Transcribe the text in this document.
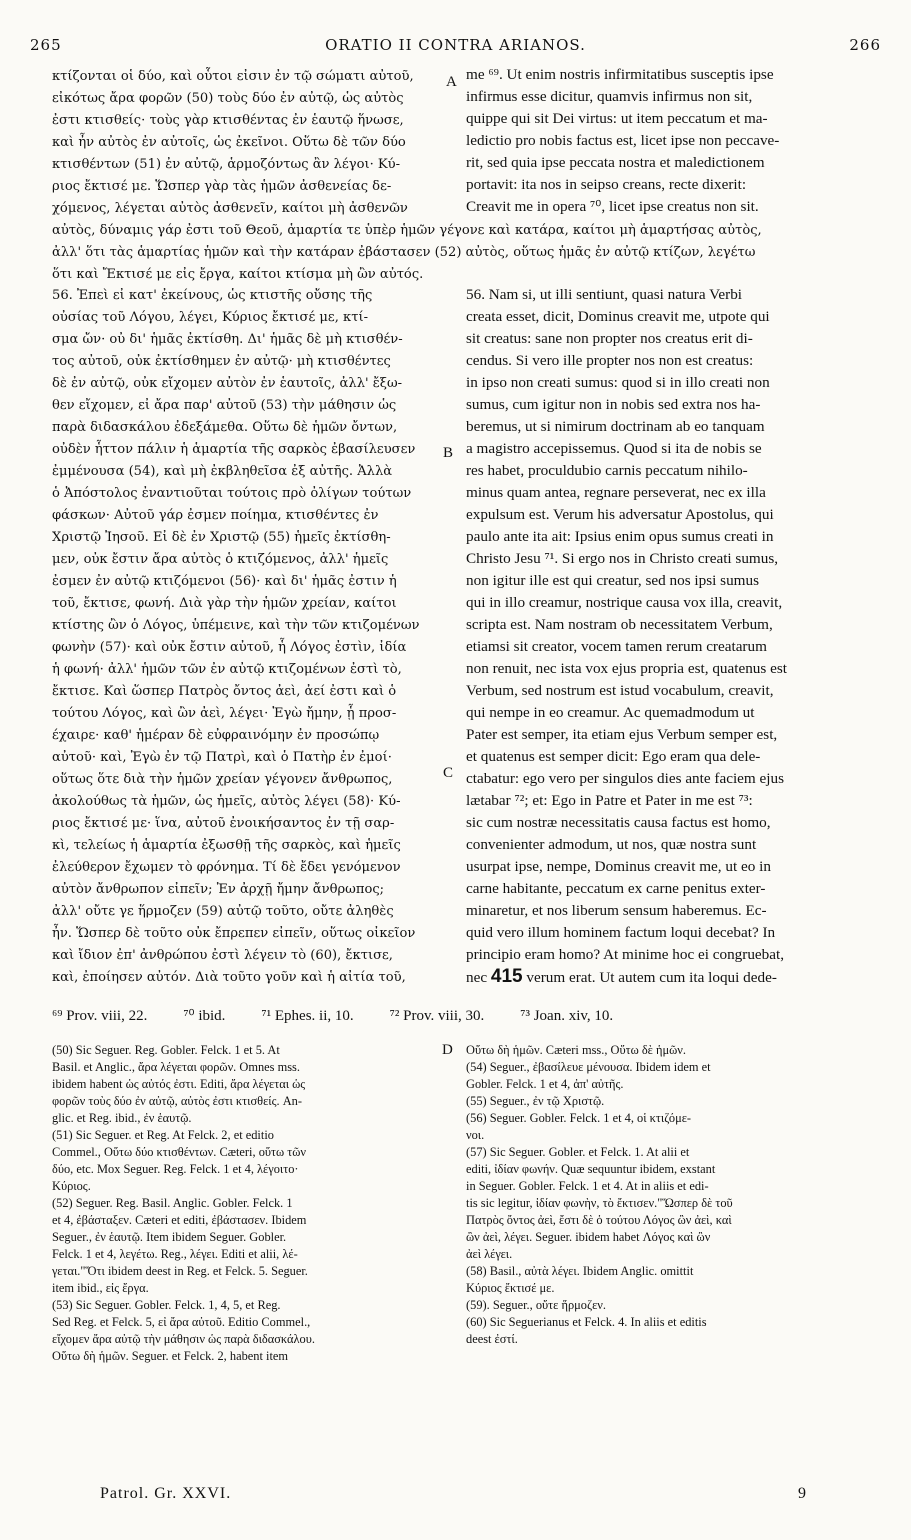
265	ORATIO II CONTRA ARIANOS.	266
κτίζονται οἱ δύο, καὶ οὗτοι εἰσιν ἐν τῷ σώματι αὐτοῦ,
εἰκότως ἄρα φορῶν (50) τοὺς δύο ἐν αὐτῷ, ὡς αὐτὸς
ἐστι κτισθείς· τοὺς γὰρ κτισθέντας ἐν ἑαυτῷ ἥνωσε,
καὶ ἦν αὐτὸς ἐν αὐτοῖς, ὡς ἐκεῖνοι. Οὕτω δὲ τῶν δύο
κτισθέντων (51) ἐν αὐτῷ, ἁρμοζόντως ἂν λέγοι· Κύ-
ριος ἔκτισέ με. Ὥσπερ γὰρ τὰς ἡμῶν ἀσθενείας δε-
χόμενος, λέγεται αὐτὸς ἀσθενεῖν, καίτοι μὴ ἀσθενῶν
A me ⁶⁹. Ut enim nostris infirmitatibus susceptis ipse
infirmus esse dicitur, quamvis infirmus non sit,
quippe qui sit Dei virtus: ut item peccatum et ma-
ledictio pro nobis factus est, licet ipse non peccave-
rit, sed quia ipse peccata nostra et maledictionem
portavit: ita nos in seipso creans, recte dixerit:
Creavit me in opera ⁷⁰, licet ipse creatus non sit.
αὐτὸς, δύναμις γάρ ἐστι τοῦ Θεοῦ, ἁμαρτία τε ὑπὲρ ἡμῶν γέγονε καὶ κατάρα, καίτοι μὴ ἁμαρτήσας αὐτὸς,
ἀλλ' ὅτι τὰς ἁμαρτίας ἡμῶν καὶ τὴν κατάραν ἐβάστασεν (52) αὐτὸς, οὕτως ἡμᾶς ἐν αὐτῷ κτίζων, λεγέτω
ὅτι καὶ Ἔκτισέ με εἰς ἔργα, καίτοι κτίσμα μὴ ὢν αὐτός.
56. Ἐπεὶ εἰ κατ' ἐκείνους, ὡς κτιστῆς οὔσης τῆς
οὐσίας τοῦ Λόγου, λέγει, Κύριος ἔκτισέ με, κτί-
σμα ὤν· οὐ δι' ἡμᾶς ἐκτίσθη. Δι' ἡμᾶς δὲ μὴ κτισθέν-
τος αὐτοῦ, οὐκ ἐκτίσθημεν ἐν αὐτῷ· μὴ κτισθέντες
δὲ ἐν αὐτῷ, οὐκ εἴχομεν αὐτὸν ἐν ἑαυτοῖς, ἀλλ' ἔξω-
θεν εἴχομεν, εἰ ἄρα παρ' αὐτοῦ (53) τὴν μάθησιν ὡς
παρὰ διδασκάλου ἐδεξάμεθα. Οὕτω δὲ ἡμῶν ὄντων,
οὐδὲν ἧττον πάλιν ἡ ἁμαρτία τῆς σαρκὸς ἐβασίλευσεν
ἐμμένουσα (54), καὶ μὴ ἐκβληθεῖσα ἐξ αὐτῆς. Ἀλλὰ
ὁ Ἀπόστολος ἐναντιοῦται τούτοις πρὸ ὀλίγων τούτων
φάσκων· Αὐτοῦ γάρ ἐσμεν ποίημα, κτισθέντες ἐν
Χριστῷ Ἰησοῦ. Εἰ δὲ ἐν Χριστῷ (55) ἡμεῖς ἐκτίσθη-
μεν, οὐκ ἔστιν ἄρα αὐτὸς ὁ κτιζόμενος, ἀλλ' ἡμεῖς
ἐσμεν ἐν αὐτῷ κτιζόμενοι (56)· καὶ δι' ἡμᾶς ἐστιν ἡ
τοῦ, ἔκτισε, φωνή. Διὰ γὰρ τὴν ἡμῶν χρείαν, καίτοι
κτίστης ὢν ὁ Λόγος, ὑπέμεινε, καὶ τὴν τῶν κτιζομένων
φωνὴν (57)· καὶ οὐκ ἔστιν αὐτοῦ, ἧ Λόγος ἐστὶν, ἰδία
ἡ φωνή· ἀλλ' ἡμῶν τῶν ἐν αὐτῷ κτιζομένων ἐστὶ τὸ,
ἔκτισε. Καὶ ὥσπερ Πατρὸς ὄντος ἀεὶ, ἀεί ἐστι καὶ ὁ
τούτου Λόγος, καὶ ὢν ἀεὶ, λέγει· Ἐγὼ ἤμην, ᾗ προσ-
έχαιρε· καθ' ἡμέραν δὲ εὐφραινόμην ἐν προσώπῳ
αὐτοῦ· καὶ, Ἐγὼ ἐν τῷ Πατρὶ, καὶ ὁ Πατὴρ ἐν ἐμοί·
οὕτως ὅτε διὰ τὴν ἡμῶν χρείαν γέγονεν ἄνθρωπος,
ἀκολούθως τὰ ἡμῶν, ὡς ἡμεῖς, αὐτὸς λέγει (58)· Κύ-
ριος ἔκτισέ με· ἵνα, αὐτοῦ ἐνοικήσαντος ἐν τῇ σαρ-
κὶ, τελείως ἡ ἁμαρτία ἐξωσθῇ τῆς σαρκὸς, καὶ ἡμεῖς
ἐλεύθερον ἔχωμεν τὸ φρόνημα. Τί δὲ ἔδει γενόμενον
αὐτὸν ἄνθρωπον εἰπεῖν; Ἐν ἀρχῇ ἤμην ἄνθρωπος;
ἀλλ' οὔτε γε ἥρμοζεν (59) αὐτῷ τοῦτο, οὔτε ἀληθὲς
ἦν. Ὥσπερ δὲ τοῦτο οὐκ ἔπρεπεν εἰπεῖν, οὕτως οἰκεῖον
καὶ ἴδιον ἐπ' ἀνθρώπου ἐστὶ λέγειν τὸ (60), ἔκτισε,
καὶ, ἐποίησεν αὐτόν. Διὰ τοῦτο γοῦν καὶ ἡ αἰτία τοῦ,
B
C
56. Nam si, ut illi sentiunt, quasi natura Verbi
creata esset, dicit, Dominus creavit me, utpote qui
sit creatus: sane non propter nos creatus erit di-
cendus. Si vero ille propter nos non est creatus:
in ipso non creati sumus: quod si in illo creati non
sumus, cum igitur non in nobis sed extra nos ha-
beremus, ut si nimirum doctrinam ab eo tanquam
a magistro accepissemus. Quod si ita de nobis se
res habet, proculdubio carnis peccatum nihilo-
minus quam antea, regnare perseverat, nec ex illa
expulsum est. Verum his adversatur Apostolus, qui
paulo ante ita ait: Ipsius enim opus sumus creati in
Christo Jesu ⁷¹. Si ergo nos in Christo creati sumus,
non igitur ille est qui creatur, sed nos ipsi sumus
qui in illo creamur, nostrique causa vox illa, creavit,
scripta est. Nam nostram ob necessitatem Verbum,
etiamsi sit creator, vocem tamen rerum creatarum
non renuit, nec ista vox ejus propria est, quatenus est
Verbum, sed nostrum est istud vocabulum, creavit,
qui nempe in eo creamur. Ac quemadmodum ut
Pater est semper, ita etiam ejus Verbum semper est,
et quatenus est semper dicit: Ego eram qua dele-
ctabatur: ego vero per singulos dies ante faciem ejus
lætabar ⁷²; et: Ego in Patre et Pater in me est ⁷³:
sic cum nostræ necessitatis causa factus est homo,
convenienter admodum, ut nos, quæ nostra sunt
usurpat ipse, nempe, Dominus creavit me, ut eo in
carne habitante, peccatum ex carne penitus exter-
minaretur, et nos liberum sensum haberemus. Ec-
quid vero illum hominem factum loqui decebat? In
principio eram homo? At minime hoc ei congruebat,
nec 415 verum erat. Ut autem cum ita loqui dede-
⁶⁹ Prov. viii, 22. ⁷⁰ ibid. ⁷¹ Ephes. ii, 10. ⁷² Prov. viii, 30. ⁷³ Joan. xiv, 10.
(50) Sic Seguer. Reg. Gobler. Felck. 1 et 5. At
Basil. et Anglic., ἄρα λέγεται φορῶν. Omnes mss.
ibidem habent ὡς αὐτός ἐστι. Editi, ἄρα λέγεται ὡς
φορῶν τοὺς δύο ἐν αὐτῷ, αὐτὸς ἐστι κτισθείς. An-
glic. et Reg. ibid., ἐν ἑαυτῷ.
(51) Sic Seguer. et Reg. At Felck. 2, et editio
Commel., Οὕτω δύο κτισθέντων. Cæteri, οὕτω τῶν
δύο, etc. Mox Seguer. Reg. Felck. 1 et 4, λέγοιτο·
Κύριος.
(52) Seguer. Reg. Basil. Anglic. Gobler. Felck. 1
et 4, ἐβάσταξεν. Cæteri et editi, ἐβάστασεν. Ibidem
Seguer., ἐν ἑαυτῷ. Item ibidem Seguer. Gobler.
Felck. 1 et 4, λεγέτω. Reg., λέγει. Editi et alii, λέ-
γεται."Ὅτι ibidem deest in Reg. et Felck. 5. Seguer.
item ibid., εἰς ἔργα.
(53) Sic Seguer. Gobler. Felck. 1, 4, 5, et Reg.
Sed Reg. et Felck. 5, εἰ ἄρα αὐτοῦ. Editio Commel.,
εἴχομεν ἄρα αὐτῷ τὴν μάθησιν ὡς παρὰ διδασκάλου.
Οὕτω δὴ ἡμῶν. Seguer. et Felck. 2, habent item
D Οὕτω δὴ ἡμῶν. Cæteri mss., Οὕτω δὲ ἡμῶν.
(54) Seguer., ἐβασίλευε μένουσα. Ibidem idem et
Gobler. Felck. 1 et 4, ἀπ' αὐτῆς.
(55) Seguer., ἐν τῷ Χριστῷ.
(56) Seguer. Gobler. Felck. 1 et 4, οἱ κτιζόμε-
νοι.
(57) Sic Seguer. Gobler. et Felck. 1. At alii et
editi, ἰδίαν φωνήν. Quæ sequuntur ibidem, exstant
in Seguer. Gobler. Felck. 1 et 4. At in aliis et edi-
tis sic legitur, ἰδίαν φωνὴν, τὸ ἔκτισεν."Ὥσπερ δὲ τοῦ
Πατρὸς ὄντος ἀεὶ, ἔστι δὲ ὁ τούτου Λόγος ὢν ἀεὶ, καὶ
ὢν ἀεὶ, λέγει. Seguer. ibidem habet Λόγος καὶ ὢν
ἀεὶ λέγει.
(58) Basil., αὐτὰ λέγει. Ibidem Anglic. omittit
Κύριος ἔκτισέ με.
(59). Seguer., οὔτε ἥρμοζεν.
(60) Sic Seguerianus et Felck. 4. In aliis et editis
deest ἐστί.
Patrol. Gr. XXVI.	9
